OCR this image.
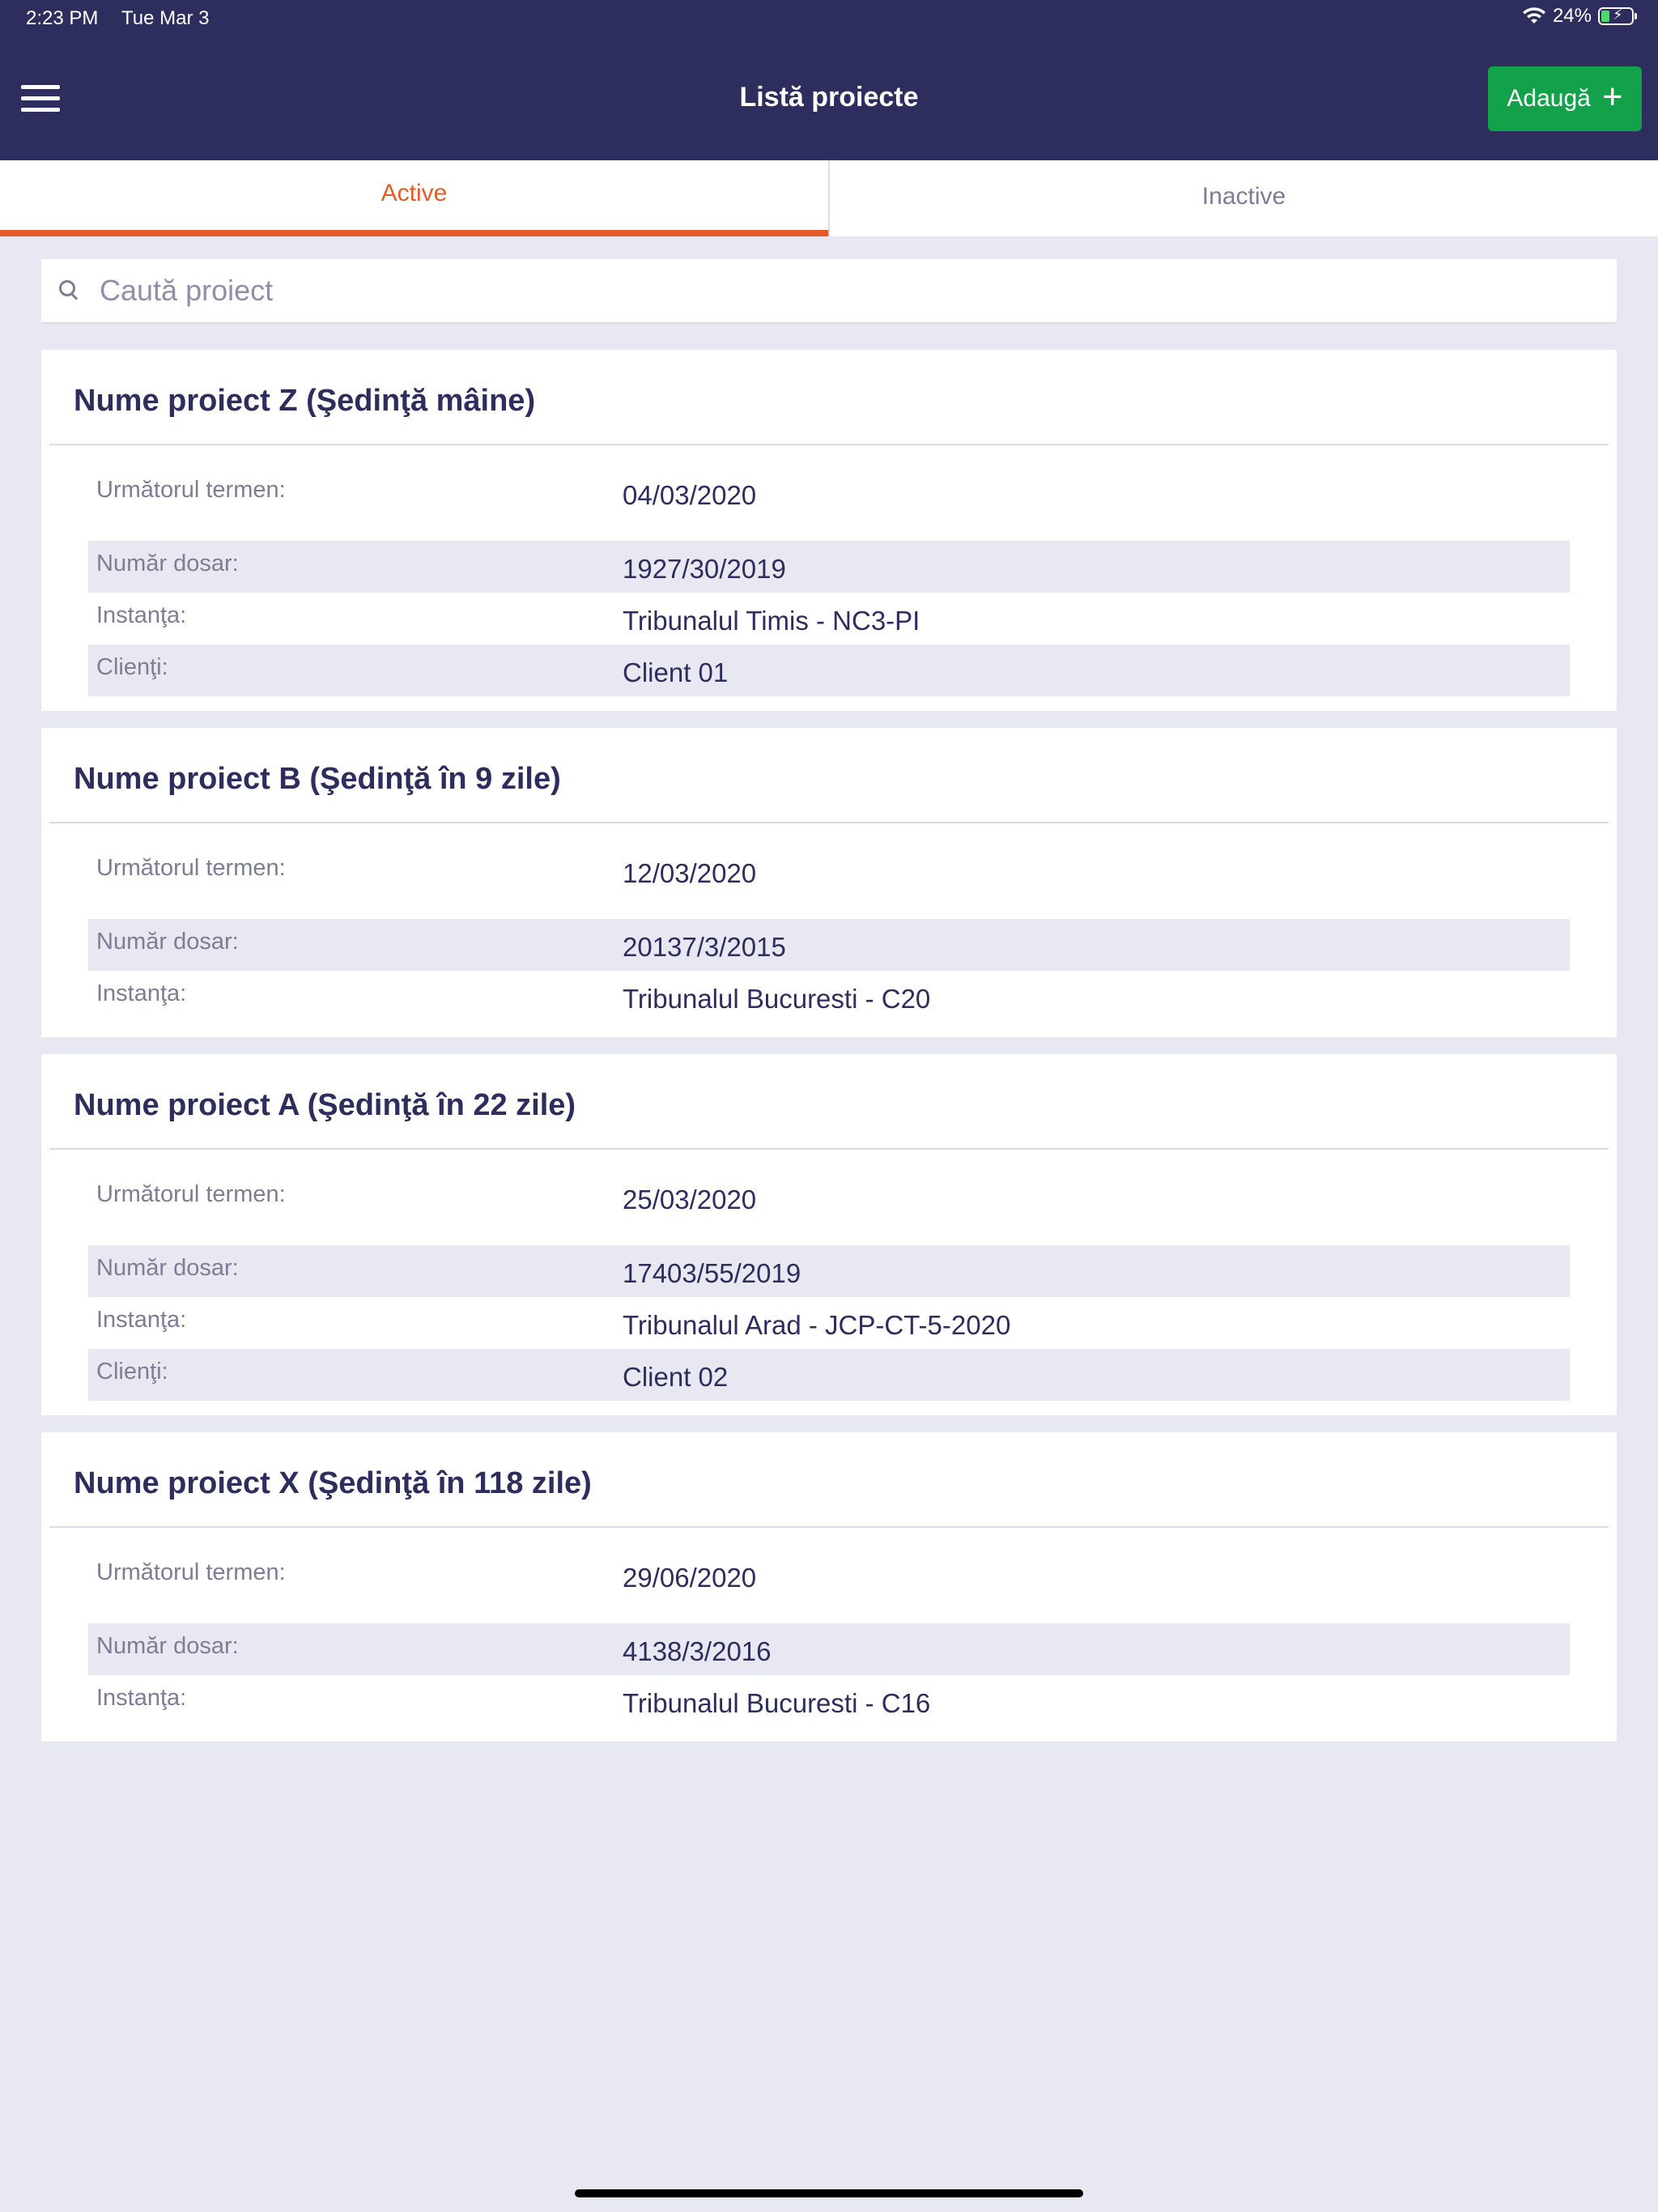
2:23 PM Tue Mar 3	24% ⚡
Listă proiecte	Adaugă +
Active	Inactive
Caută proiect
Nume proiect Z (Şedinţă mâine)
Următorul termen:	04/03/2020
Număr dosar:	1927/30/2019
Instanţa:	Tribunalul Timis - NC3-PI
Clienţi:	Client 01
Nume proiect B (Şedinţă în 9 zile)
Următorul termen:	12/03/2020
Număr dosar:	20137/3/2015
Instanţa:	Tribunalul Bucuresti - C20
Nume proiect A (Şedinţă în 22 zile)
Următorul termen:	25/03/2020
Număr dosar:	17403/55/2019
Instanţa:	Tribunalul Arad - JCP-CT-5-2020
Clienţi:	Client 02
Nume proiect X (Şedinţă în 118 zile)
Următorul termen:	29/06/2020
Număr dosar:	4138/3/2016
Instanţa:	Tribunalul Bucuresti - C16
